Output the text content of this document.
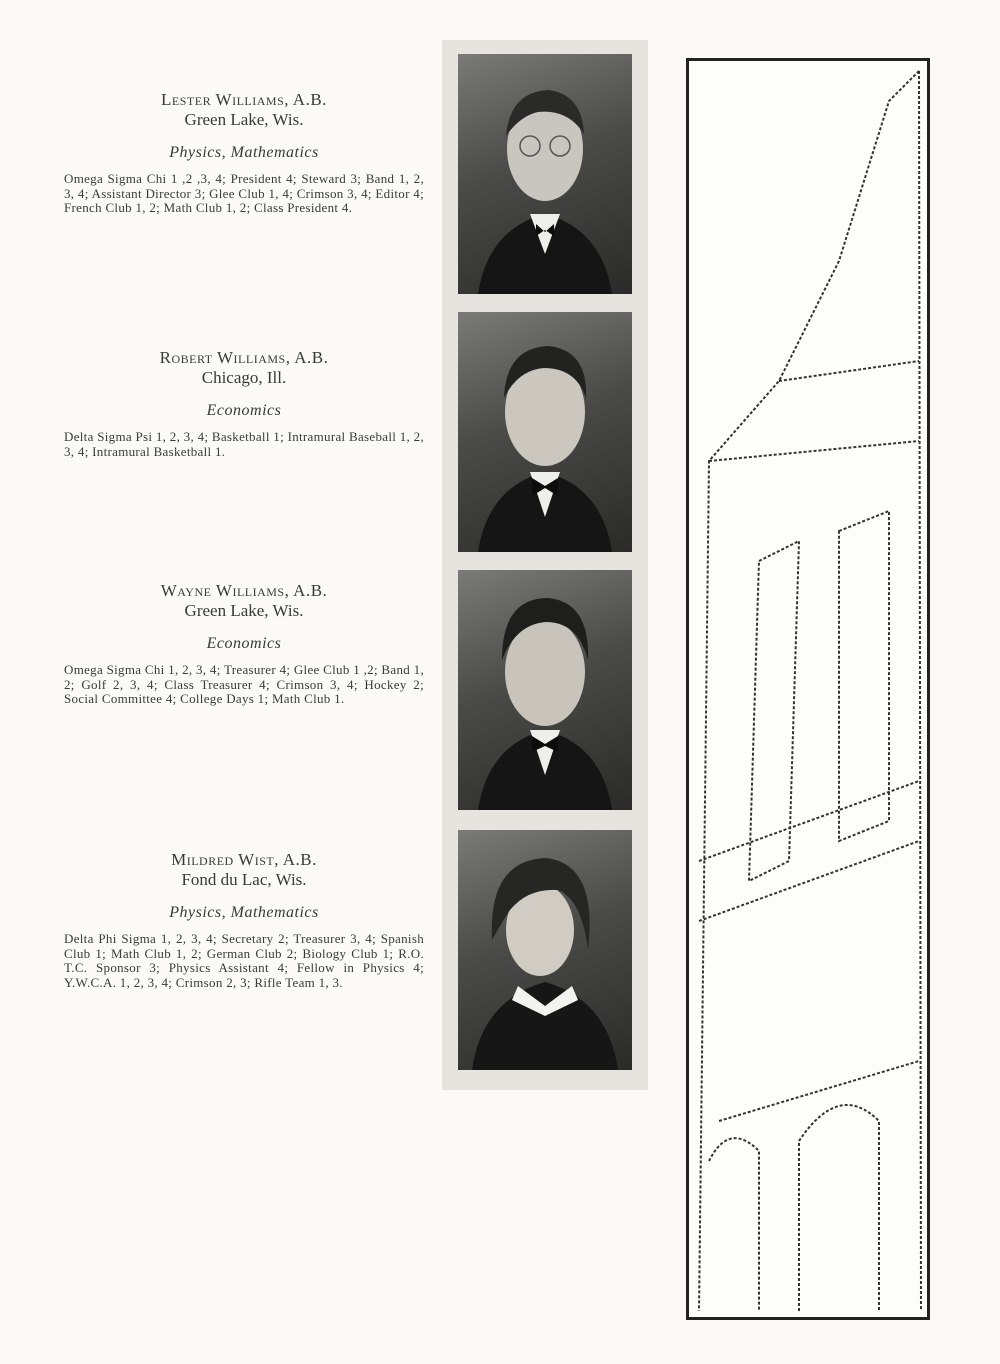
Lester Williams, A.B.
Green Lake, Wis.
Physics, Mathematics
Omega Sigma Chi 1 ,2 ,3, 4; President 4; Steward 3; Band 1, 2, 3, 4; Assistant Director 3; Glee Club 1, 4; Crimson 3, 4; Editor 4; French Club 1, 2; Math Club 1, 2; Class President 4.
Robert Williams, A.B.
Chicago, Ill.
Economics
Delta Sigma Psi 1, 2, 3, 4; Basketball 1; Intramural Baseball 1, 2, 3, 4; Intramural Basketball 1.
Wayne Williams, A.B.
Green Lake, Wis.
Economics
Omega Sigma Chi 1, 2, 3, 4; Treasurer 4; Glee Club 1 ,2; Band 1, 2; Golf 2, 3, 4; Class Treasurer 4; Crimson 3, 4; Hockey 2; Social Committee 4; College Days 1; Math Club 1.
Mildred Wist, A.B.
Fond du Lac, Wis.
Physics, Mathematics
Delta Phi Sigma 1, 2, 3, 4; Secretary 2; Treasurer 3, 4; Spanish Club 1; Math Club 1, 2; German Club 2; Biology Club 1; R.O. T.C. Sponsor 3; Physics Assistant 4; Fellow in Physics 4; Y.W.C.A. 1, 2, 3, 4; Crimson 2, 3; Rifle Team 1, 3.
